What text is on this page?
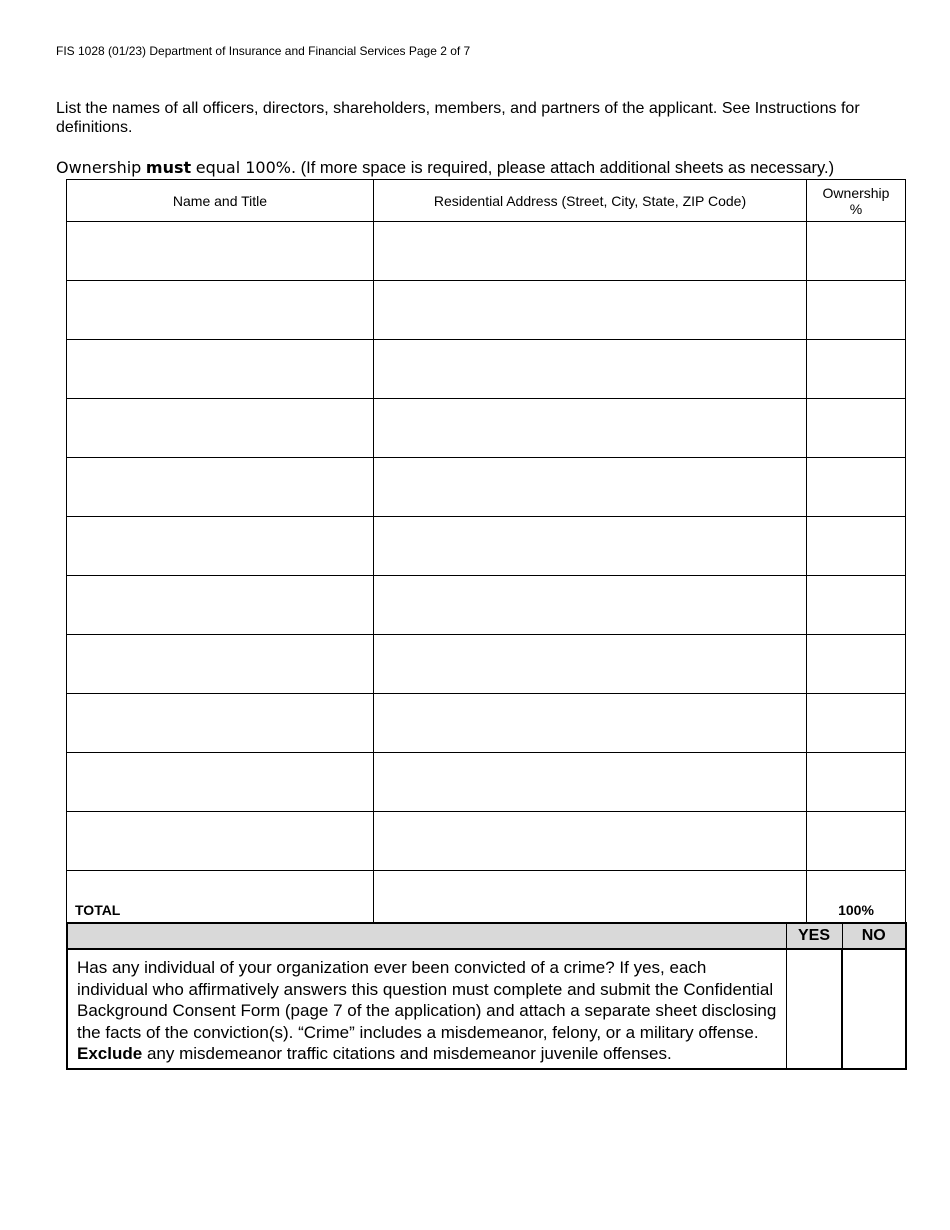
FIS 1028 (01/23) Department of Insurance and Financial Services Page 2 of 7
List the names of all officers, directors, shareholders, members, and partners of the applicant. See Instructions for definitions.
Ownership must equal 100%. (If more space is required, please attach additional sheets as necessary.)
Name and Title	Residential Address (Street, City, State, ZIP Code)	Ownership
%

TOTAL		100%
	YES	NO
Has any individual of your organization ever been convicted of a crime? If yes, each individual who affirmatively answers this question must complete and submit the Confidential Background Consent Form (page 7 of the application) and attach a separate sheet disclosing the facts of the conviction(s). “Crime” includes a misdemeanor, felony, or a military offense. Exclude any misdemeanor traffic citations and misdemeanor juvenile offenses.		
